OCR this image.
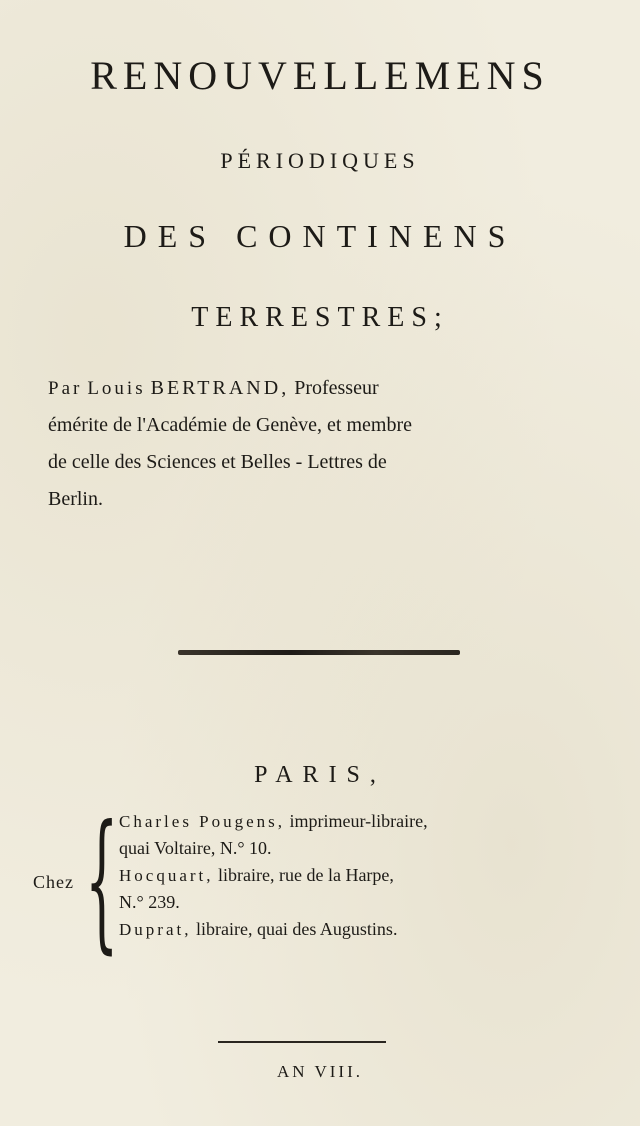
RENOUVELLEMENS
PÉRIODIQUES
DES CONTINENS
TERRESTRES;
Par Louis BERTRAND, Professeur
émérite de l'Académie de Genève, et membre
de celle des Sciences et Belles - Lettres de
Berlin.
PARIS,
Chez { Charles Pougens, imprimeur-libraire,
quai Voltaire, N.° 10.
Hocquart, libraire, rue de la Harpe,
N.° 239.
Duprat, libraire, quai des Augustins.
AN VIII.
